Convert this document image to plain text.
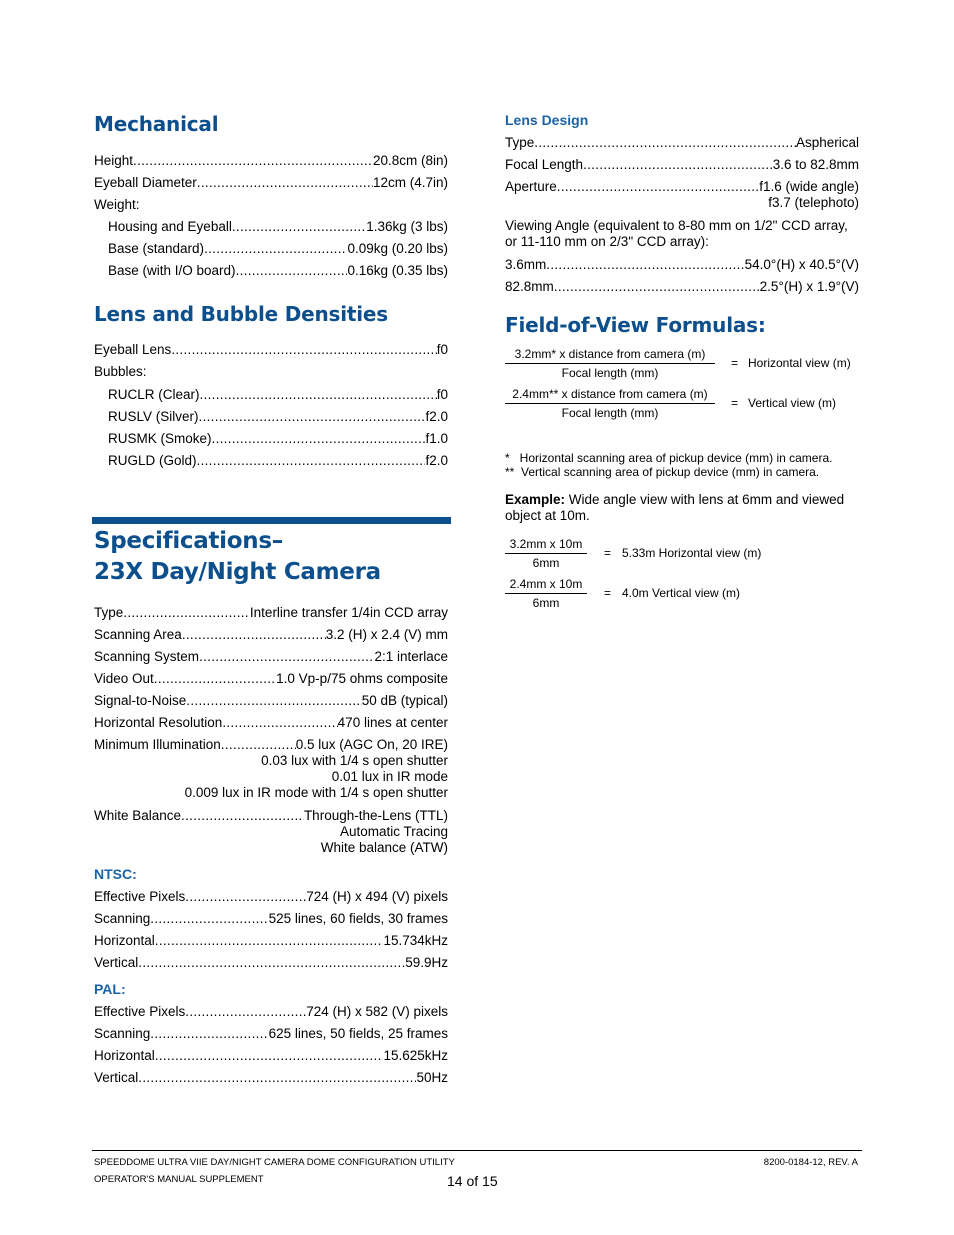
Mechanical
Height .....	20.8cm (8in)
Eyeball Diameter .....	12cm (4.7in)
Weight:
Housing and Eyeball .....	1.36kg (3 lbs)
Base (standard) .....	0.09kg (0.20 lbs)
Base (with I/O board) .....	0.16kg (0.35 lbs)
Lens and Bubble Densities
Eyeball Lens .....	f0
Bubbles:
RUCLR (Clear) .....	f0
RUSLV (Silver) .....	f2.0
RUSMK (Smoke) .....	f1.0
RUGLD (Gold) .....	f2.0
Specifications–
23X Day/Night Camera
Type .....	Interline transfer 1/4in CCD array
Scanning Area .....	3.2 (H) x 2.4 (V) mm
Scanning System .....	2:1 interlace
Video Out .....	1.0 Vp-p/75 ohms composite
Signal-to-Noise .....	50 dB (typical)
Horizontal Resolution .....	470 lines at center
Minimum Illumination .....	0.5 lux (AGC On, 20 IRE)
0.03 lux with 1/4 s open shutter
0.01 lux in IR mode
0.009 lux in IR mode with 1/4 s open shutter
White Balance .....	Through-the-Lens (TTL)
Automatic Tracing
White balance (ATW)
NTSC:
Effective Pixels .....	724 (H) x 494 (V) pixels
Scanning .....	525 lines, 60 fields, 30 frames
Horizontal .....	15.734kHz
Vertical .....	59.9Hz
PAL:
Effective Pixels .....	724 (H) x 582 (V) pixels
Scanning .....	625 lines, 50 fields, 25 frames
Horizontal .....	15.625kHz
Vertical .....	50Hz
Lens Design
Type .....	Aspherical
Focal Length .....	3.6 to 82.8mm
Aperture .....	f1.6 (wide angle)
f3.7 (telephoto)
Viewing Angle (equivalent to 8-80 mm on 1/2" CCD array, or 11-110 mm on 2/3" CCD array):
3.6mm .....	54.0°(H) x 40.5°(V)
82.8mm .....	2.5°(H) x 1.9°(V)
Field-of-View Formulas:
3.2mm* x distance from camera (m)
Focal length (mm)
= Horizontal view (m)
2.4mm** x distance from camera (m)
Focal length (mm)
= Vertical view (m)
*   Horizontal scanning area of pickup device (mm) in camera.
**  Vertical scanning area of pickup device (mm) in camera.
Example: Wide angle view with lens at 6mm and viewed object at 10m.
3.2mm x 10m
6mm
= 5.33m Horizontal view (m)
2.4mm x 10m
6mm
= 4.0m Vertical view (m)
SPEEDDOME ULTRA VIIE DAY/NIGHT CAMERA DOME CONFIGURATION UTILITY
OPERATOR'S MANUAL SUPPLEMENT	14 of 15
8200-0184-12, REV. A
